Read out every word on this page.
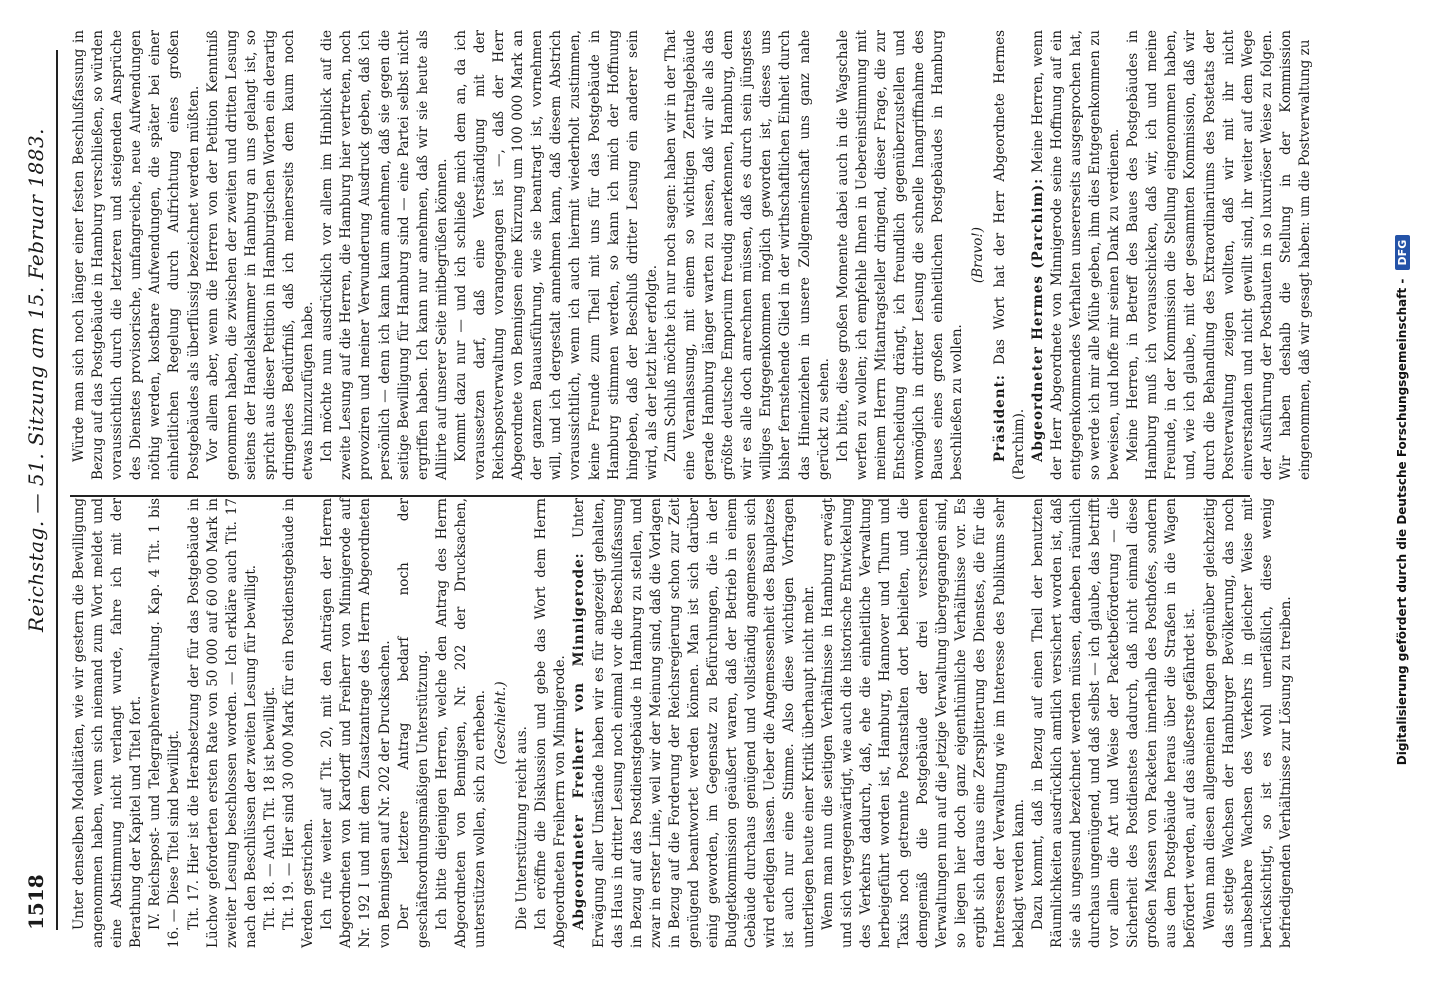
1518
Reichstag. — 51. Sitzung am 15. Februar 1883.

Unter denselben Modalitäten, wie wir gestern die Bewilligung angenommen haben, wenn sich niemand zum Wort meldet und eine Abstimmung nicht verlangt wurde, fahre ich mit der Berathung der Kapitel und Titel fort. IV. Reichspost- und Telegraphenverwaltung. Kap. 4 Tit. 1 bis 16. — Diese Titel sind bewilligt. Tit. 17. Hier ist die Herabsetzung der für das Postgebäude in Lüchow geforderten ersten Rate von 50 000 auf 60 000 Mark in zweiter Lesung beschlossen worden. — Ich erkläre auch Tit. 17 nach den Beschlüssen der zweiten Lesung für bewilligt. Tit. 18. — Auch Tit. 18 ist bewilligt. Tit. 19. — Hier sind 30 000 Mark für ein Postdienstgebäude in Verden gestrichen. Ich rufe weiter auf Tit. 20, mit den Anträgen der Herren Abgeordneten von Kardorff und Freiherr von Minnigerode auf Nr. 192 I und mit dem Zusatzantrage des Herrn Abgeordneten von Bennigsen auf Nr. 202 der Drucksachen. Der letztere Antrag bedarf noch der geschäftsordnungsmäßigen Unterstützung. Ich bitte diejenigen Herren, welche den Antrag des Herrn Abgeordneten von Bennigsen, Nr. 202 der Drucksachen, unterstützen wollen, sich zu erheben. (Geschieht.)

Die Unterstützung reicht aus. Ich eröffne die Diskussion und gebe das Wort dem Herrn Abgeordneten Freiherrn von Minnigerode. Abgeordneter Freiherr von Minnigerode: Unter Erwägung aller Umstände haben wir es für angezeigt gehalten, das Haus in dritter Lesung noch einmal vor die Beschlußfassung in Bezug auf das Postdienstgebäude in Hamburg zu stellen, und zwar in erster Linie, weil wir der Meinung sind, daß die Vorlagen in Bezug auf die Forderung der Reichsregierung schon zur Zeit genügend beantwortet werden können. Man ist sich darüber einig geworden, im Gegensatz zu Befürchungen, die in der Budgetkommission geäußert waren, daß der Betrieb in einem Gebäude durchaus genügend und vollständig angemessen sich wird erledigen lassen. Ueber die Angemessenheit des Bauplatzes ist auch nur eine Stimme. Also diese wichtigen Vorfragen unterliegen heute einer Kritik überhaupt nicht mehr. Wenn man nun die seitigen Verhältnisse in Hamburg erwägt und sich vergegenwärtigt, wie auch die historische Entwickelung des Verkehrs dadurch, daß, ehe die einheitliche Verwaltung herbeigeführt worden ist, Hamburg, Hannover und Thurn und Taxis noch getrennte Postanstalten dort behielten, und die demgemäß die Postgebäude der drei verschiedenen Verwaltungen nun auf die jetzige Verwaltung übergegangen sind, so liegen hier doch ganz eigenthümliche Verhältnisse vor. Es ergibt sich daraus eine Zersplitterung des Dienstes, die für die Interessen der Verwaltung wie im Interesse des Publikums sehr beklagt werden kann. Dazu kommt, daß in Bezug auf einen Theil der benutzten Räumlichkeiten ausdrücklich amtlich versichert worden ist, daß sie als ungesund bezeichnet werden müssen, daneben räumlich durchaus ungenügend, und daß selbst — ich glaube, das betrifft vor allem die Art und Weise der Packetbeförderung — die Sicherheit des Postdienstes dadurch, daß nicht einmal diese großen Massen von Packeten innerhalb des Posthofes, sondern aus dem Postgebäude heraus über die Straßen in die Wagen befördert werden, auf das äußerste gefährdet ist. Wenn man diesen allgemeinen Klagen gegenüber gleichzeitig das stetige Wachsen der Hamburger Bevölkerung, das noch unabsehbare Wachsen des Verkehrs in gleicher Weise mit berücksichtigt, so ist es wohl unerläßlich, diese wenig befriedigenden Verhältnisse zur Lösung zu treiben.

Würde man sich noch länger einer festen Beschlußfassung in Bezug auf das Postgebäude in Hamburg verschließen, so würden voraussichtlich durch die letzteren und steigenden Ansprüche des Dienstes provisorische, umfangreiche, neue Aufwendungen nöthig werden, kostbare Aufwendungen, die später bei einer einheitlichen Regelung durch Aufrichtung eines großen Postgebäudes als überflüssig bezeichnet werden müßten. Vor allem aber, wenn die Herren von der Petition Kenntniß genommen haben, die zwischen der zweiten und dritten Lesung seitens der Handelskammer in Hamburg an uns gelangt ist, so spricht aus dieser Petition in Hamburgischen Worten ein derartig dringendes Bedürfniß, daß ich meinerseits dem kaum noch etwas hinzuzufügen habe. Ich möchte nun ausdrücklich vor allem im Hinblick auf die zweite Lesung auf die Herren, die Hamburg hier vertreten, noch provoziren und meiner Verwunderung Ausdruck geben, daß ich persönlich — denn ich kann kaum annehmen, daß sie gegen die seitige Bewilligung für Hamburg sind — eine Partei selbst nicht ergriffen haben. Ich kann nur annehmen, daß wir sie heute als Alliirte auf unserer Seite mitbegrüßen können. Kommt dazu nur — und ich schließe mich dem an, da ich voraussetzen darf, daß eine Verständigung mit der Reichspostverwaltung vorangegangen ist —, daß der Herr Abgeordnete von Bennigsen eine Kürzung um 100 000 Mark an der ganzen Bauausführung, wie sie beantragt ist, vornehmen will, und ich dergestalt annehmen kann, daß diesem Abstrich voraussichtlich, wenn ich auch hiermit wiederholt zustimmen, keine Freunde zum Theil mit uns für das Postgebäude in Hamburg stimmen werden, so kann ich mich der Hoffnung hingeben, daß der Beschluß dritter Lesung ein anderer sein wird, als der letzt hier erfolgte. Zum Schluß möchte ich nur noch sagen: haben wir in der That eine Veranlassung, mit einem so wichtigen Zentralgebäude gerade Hamburg länger warten zu lassen, daß wir alle als das größte deutsche Emporium freudig anerkennen, Hamburg, dem wir es alle doch anrechnen müssen, daß es durch sein jüngstes williges Entgegenkommen möglich geworden ist, dieses uns bisher fernstehende Glied in der wirthschaftlichen Einheit durch das Hineinziehen in unsere Zollgemeinschaft uns ganz nahe gerückt zu sehen. Ich bitte, diese großen Momente dabei auch in die Wagschale werfen zu wollen; ich empfehle Ihnen in Uebereinstimmung mit meinem Herrn Mitantragsteller dringend, dieser Frage, die zur Entscheidung drängt, ich freundlich gegenüberzustellen und womöglich in dritter Lesung die schnelle Inangriffnahme des Baues eines großen einheitlichen Postgebäudes in Hamburg beschließen zu wollen.

(Bravo!)

Präsident: Das Wort hat der Herr Abgeordnete Hermes (Parchim). Abgeordneter Hermes (Parchim): Meine Herren, wenn der Herr Abgeordnete von Minnigerode seine Hoffnung auf ein entgegenkommendes Verhalten unsererseits ausgesprochen hat, so werde ich mir alle Mühe geben, ihm dies Entgegenkommen zu beweisen, und hoffe mir seinen Dank zu verdienen. Meine Herren, in Betreff des Baues des Postgebäudes in Hamburg muß ich vorausschicken, daß wir, ich und meine Freunde, in der Kommission die Stellung eingenommen haben, und, wie ich glaube, mit der gesammten Kommission, daß wir durch die Behandlung des Extraordinariums des Postetats der Postverwaltung zeigen wollten, daß wir mit ihr nicht einverstanden und nicht gewillt sind, ihr weiter auf dem Wege der Ausführung der Postbauten in so luxuriöser Weise zu folgen. Wir haben deshalb die Stellung in der Kommission eingenommen, daß wir gesagt haben: um die Postverwaltung zu

Digitalisierung gefördert durch die Deutsche Forschungsgemeinschaft - DFG
